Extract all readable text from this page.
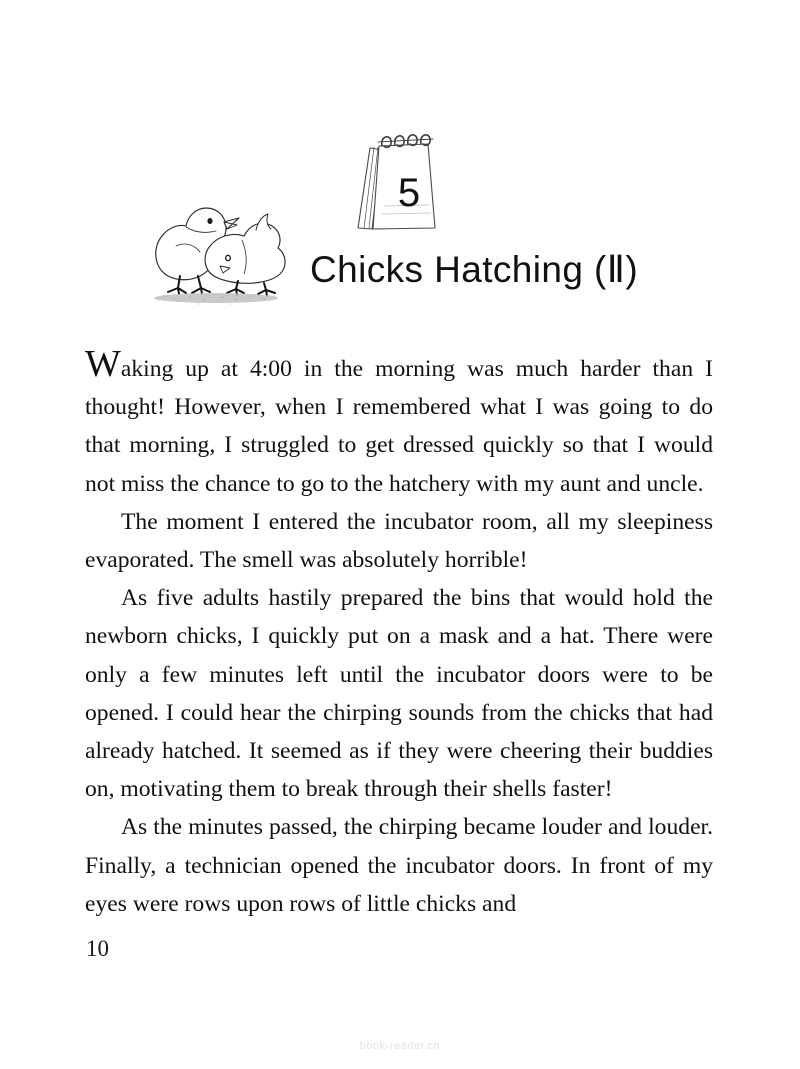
5
Chicks Hatching (Ⅱ)

Waking up at 4:00 in the morning was much harder than I thought! However, when I remembered what I was going to do that morning, I struggled to get dressed quickly so that I would not miss the chance to go to the hatchery with my aunt and uncle.

The moment I entered the incubator room, all my sleepiness evaporated. The smell was absolutely horrible!

As five adults hastily prepared the bins that would hold the newborn chicks, I quickly put on a mask and a hat. There were only a few minutes left until the incubator doors were to be opened. I could hear the chirping sounds from the chicks that had already hatched. It seemed as if they were cheering their buddies on, motivating them to break through their shells faster!

As the minutes passed, the chirping became louder and louder. Finally, a technician opened the incubator doors. In front of my eyes were rows upon rows of little chicks and

10
book-reader.cn
